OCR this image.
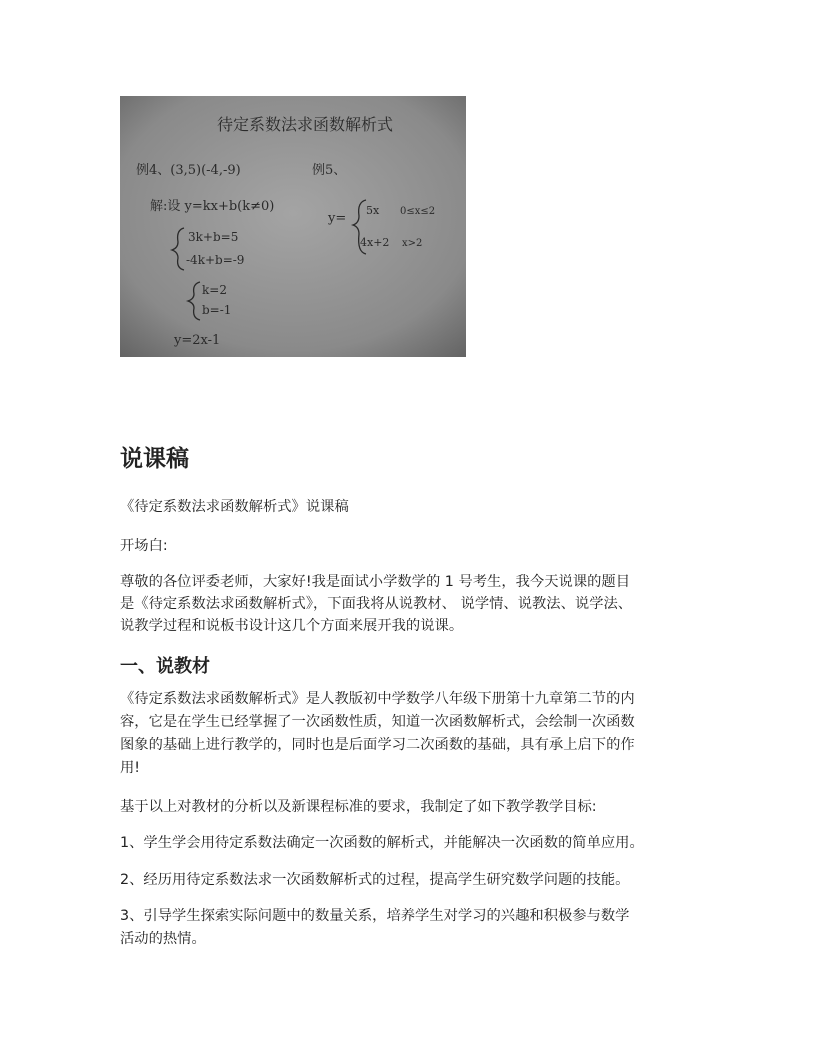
待定系数法求函数解析式
例4、(3,5)(-4,-9)	例5、
解:设 y=kx+b(k≠0)
3k+b=5
-4k+b=-9
k=2
b=-1
y=2x-1
y=
5x 0≤x≤2
4x+2 x>2
说课稿

《待定系数法求函数解析式》说课稿

开场白:

尊敬的各位评委老师，大家好!我是面试小学数学的 1 号考生，我今天说课的题目

是《待定系数法求函数解析式》，下面我将从说教材、 说学情、说教法、说学法、

说教学过程和说板书设计这几个方面来展开我的说课。

一、说教材

《待定系数法求函数解析式》是人教版初中学数学八年级下册第十九章第二节的内

容，它是在学生已经掌握了一次函数性质，知道一次函数解析式，会绘制一次函数

图象的基础上进行教学的，同时也是后面学习二次函数的基础，具有承上启下的作

用!

基于以上对教材的分析以及新课程标准的要求，我制定了如下教学教学目标:

1、学生学会用待定系数法确定一次函数的解析式，并能解决一次函数的简单应用。

2、经历用待定系数法求一次函数解析式的过程，提高学生研究数学问题的技能。

3、引导学生探索实际问题中的数量关系，培养学生对学习的兴趣和积极参与数学

活动的热情。
